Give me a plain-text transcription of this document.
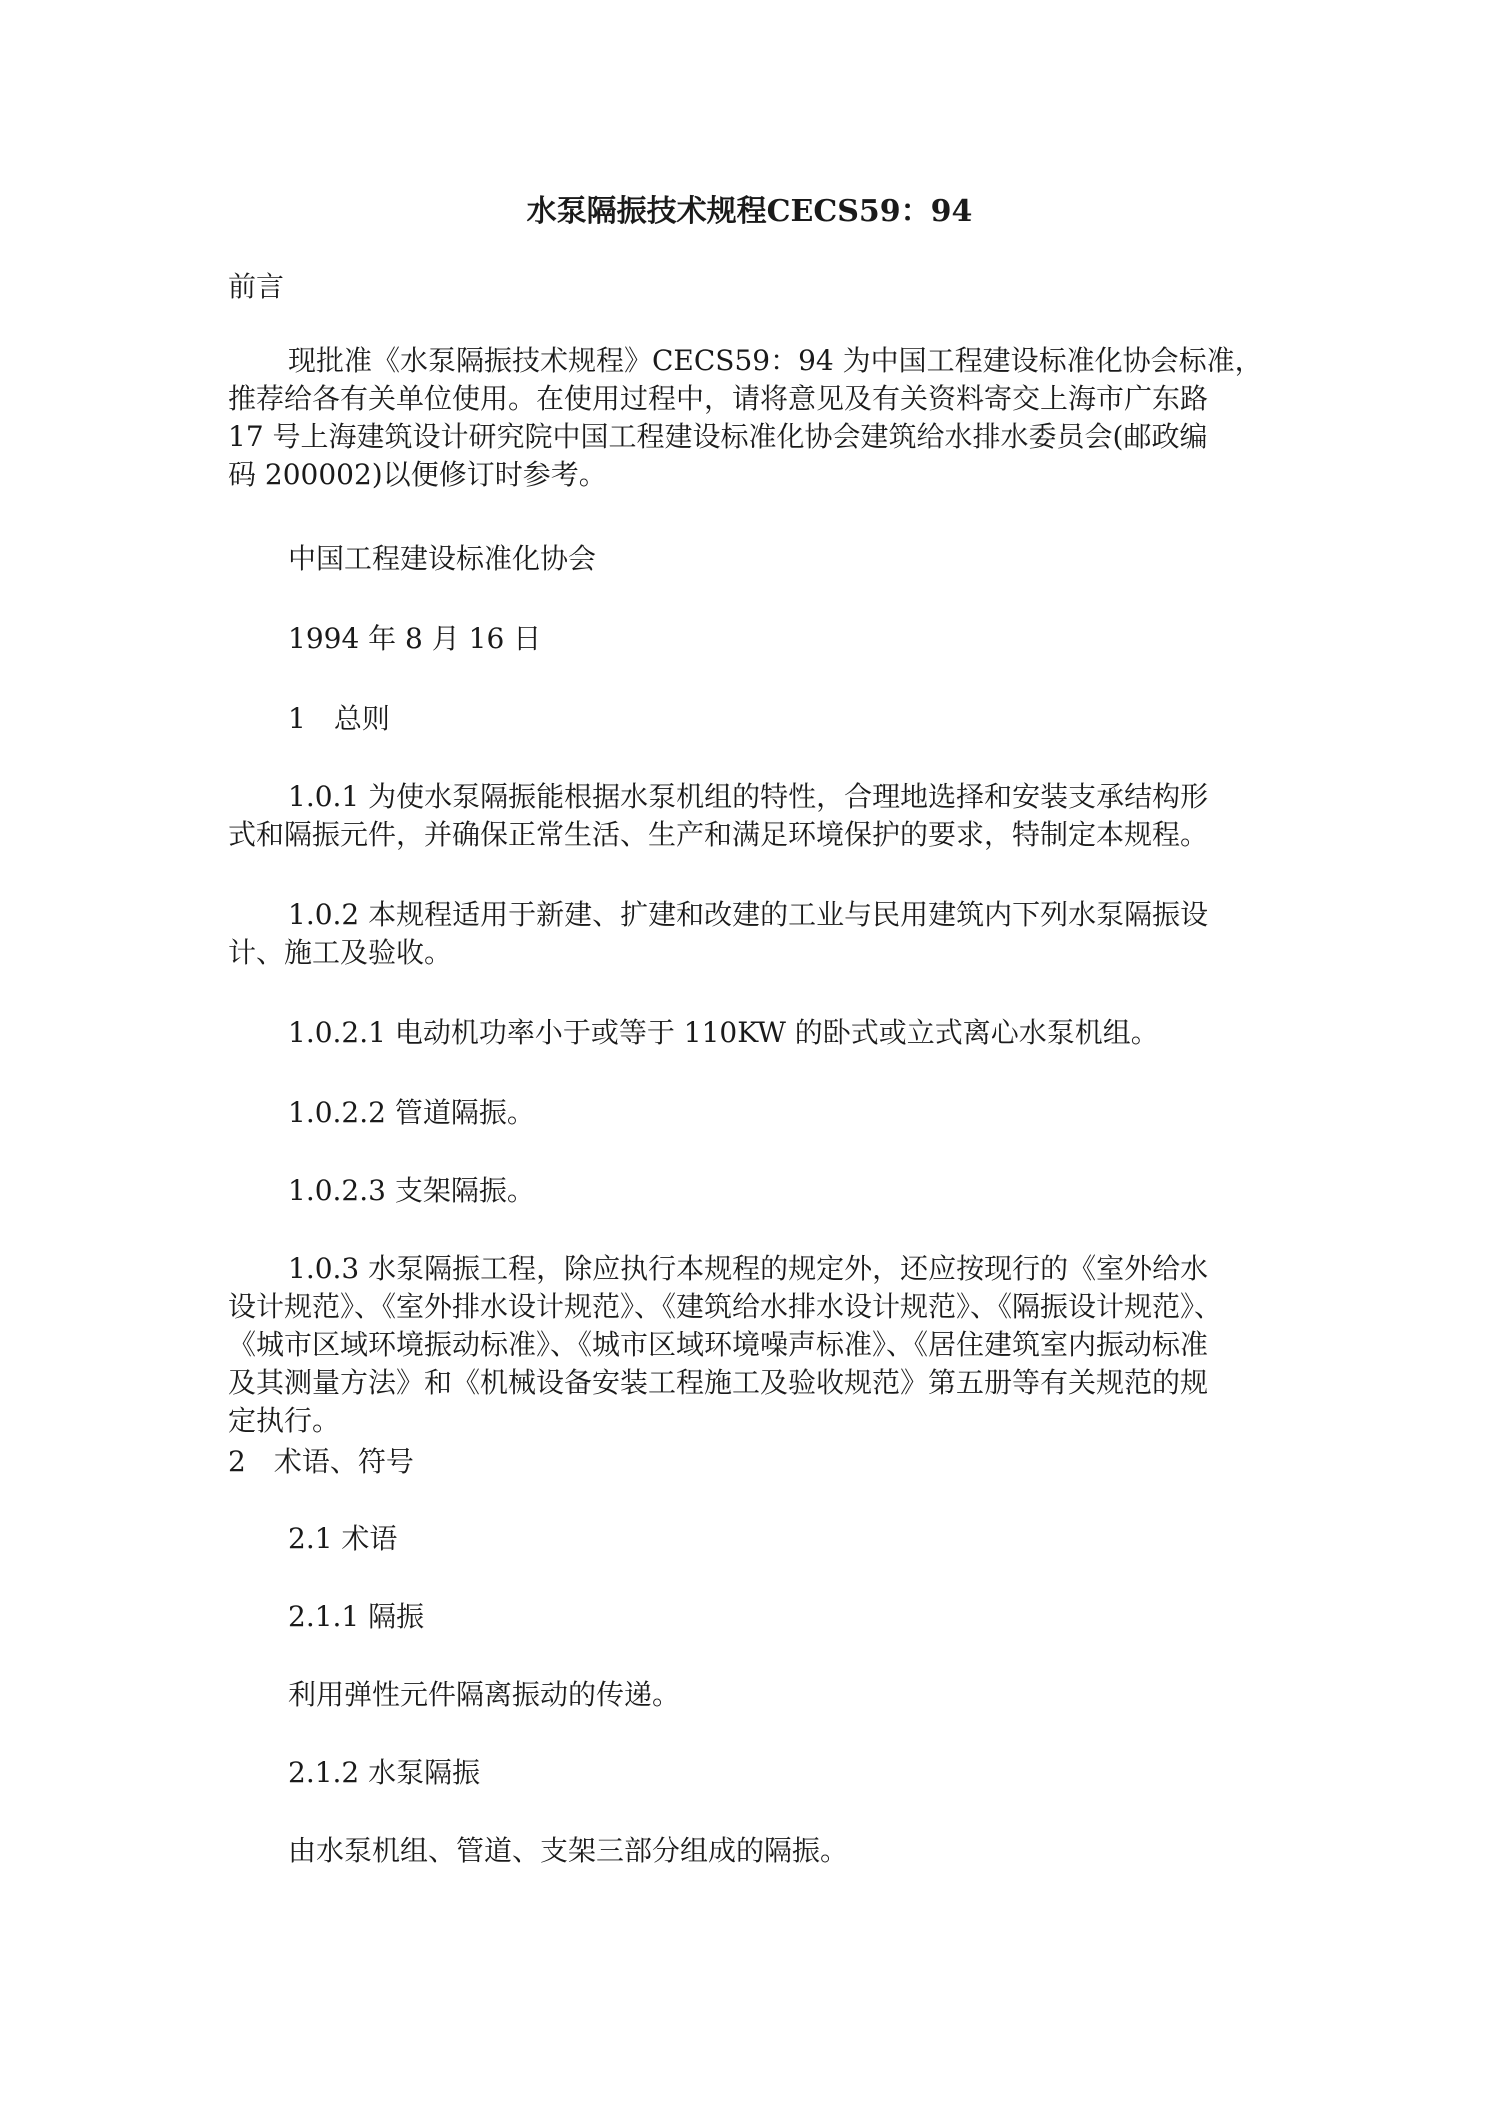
水泵隔振技术规程CECS59：94
前言
现批准《水泵隔振技术规程》CECS59：94 为中国工程建设标准化协会标准，
推荐给各有关单位使用。在使用过程中，请将意见及有关资料寄交上海市广东路
17 号上海建筑设计研究院中国工程建设标准化协会建筑给水排水委员会(邮政编
码 200002)以便修订时参考。
中国工程建设标准化协会
1994 年 8 月 16 日
1　总则
1.0.1 为使水泵隔振能根据水泵机组的特性，合理地选择和安装支承结构形
式和隔振元件，并确保正常生活、生产和满足环境保护的要求，特制定本规程。
1.0.2 本规程适用于新建、扩建和改建的工业与民用建筑内下列水泵隔振设
计、施工及验收。
1.0.2.1 电动机功率小于或等于 110KW 的卧式或立式离心水泵机组。
1.0.2.2 管道隔振。
1.0.2.3 支架隔振。
1.0.3 水泵隔振工程，除应执行本规程的规定外，还应按现行的《室外给水
设计规范》、《室外排水设计规范》、《建筑给水排水设计规范》、《隔振设计规范》、
《城市区域环境振动标准》、《城市区域环境噪声标准》、《居住建筑室内振动标准
及其测量方法》和《机械设备安装工程施工及验收规范》第五册等有关规范的规
定执行。
2　术语、符号
2.1 术语
2.1.1 隔振
利用弹性元件隔离振动的传递。
2.1.2 水泵隔振
由水泵机组、管道、支架三部分组成的隔振。
